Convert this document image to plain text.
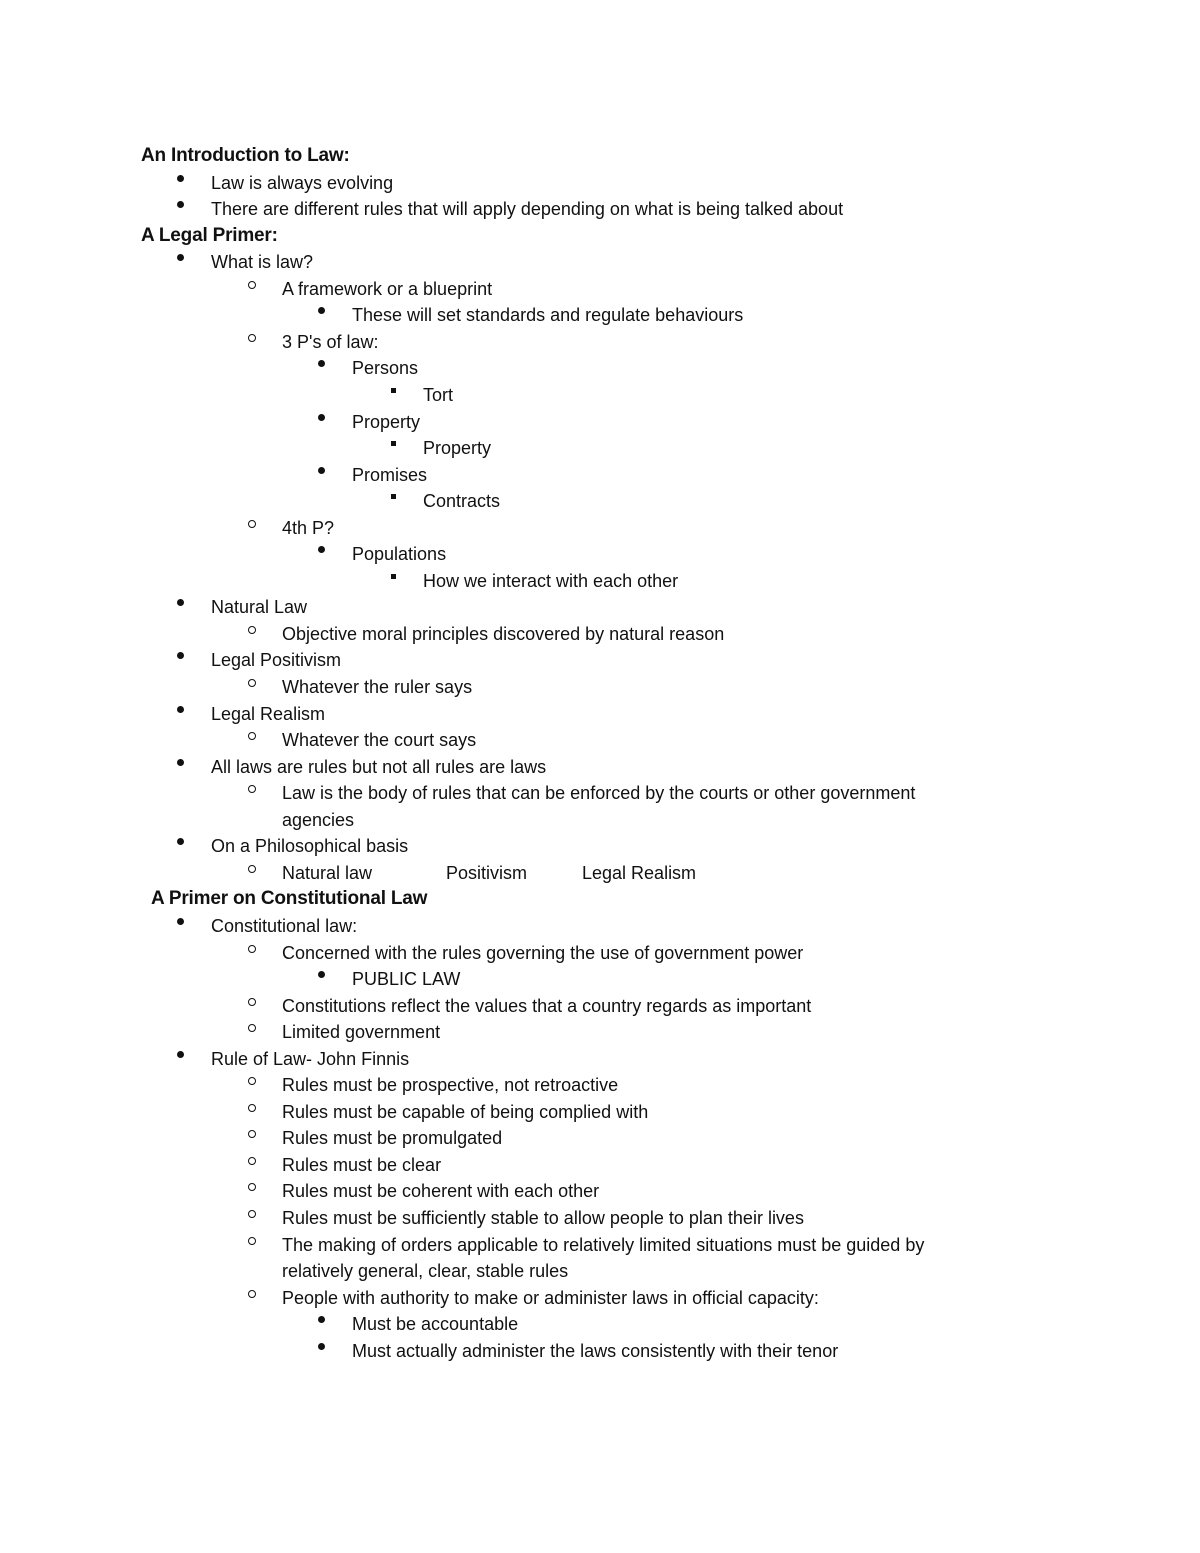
An Introduction to Law:
Law is always evolving
There are different rules that will apply depending on what is being talked about
A Legal Primer:
What is law?
A framework or a blueprint
These will set standards and regulate behaviours
3 P's of law:
Persons
Tort
Property
Property
Promises
Contracts
4th P?
Populations
How we interact with each other
Natural Law
Objective moral principles discovered by natural reason
Legal Positivism
Whatever the ruler says
Legal Realism
Whatever the court says
All laws are rules but not all rules are laws
Law is the body of rules that can be enforced by the courts or other government
agencies
On a Philosophical basis
Natural law	Positivism	Legal Realism
A Primer on Constitutional Law
Constitutional law:
Concerned with the rules governing the use of government power
PUBLIC LAW
Constitutions reflect the values that a country regards as important
Limited government
Rule of Law- John Finnis
Rules must be prospective, not retroactive
Rules must be capable of being complied with
Rules must be promulgated
Rules must be clear
Rules must be coherent with each other
Rules must be sufficiently stable to allow people to plan their lives
The making of orders applicable to relatively limited situations must be guided by
relatively general, clear, stable rules
People with authority to make or administer laws in official capacity:
Must be accountable
Must actually administer the laws consistently with their tenor
